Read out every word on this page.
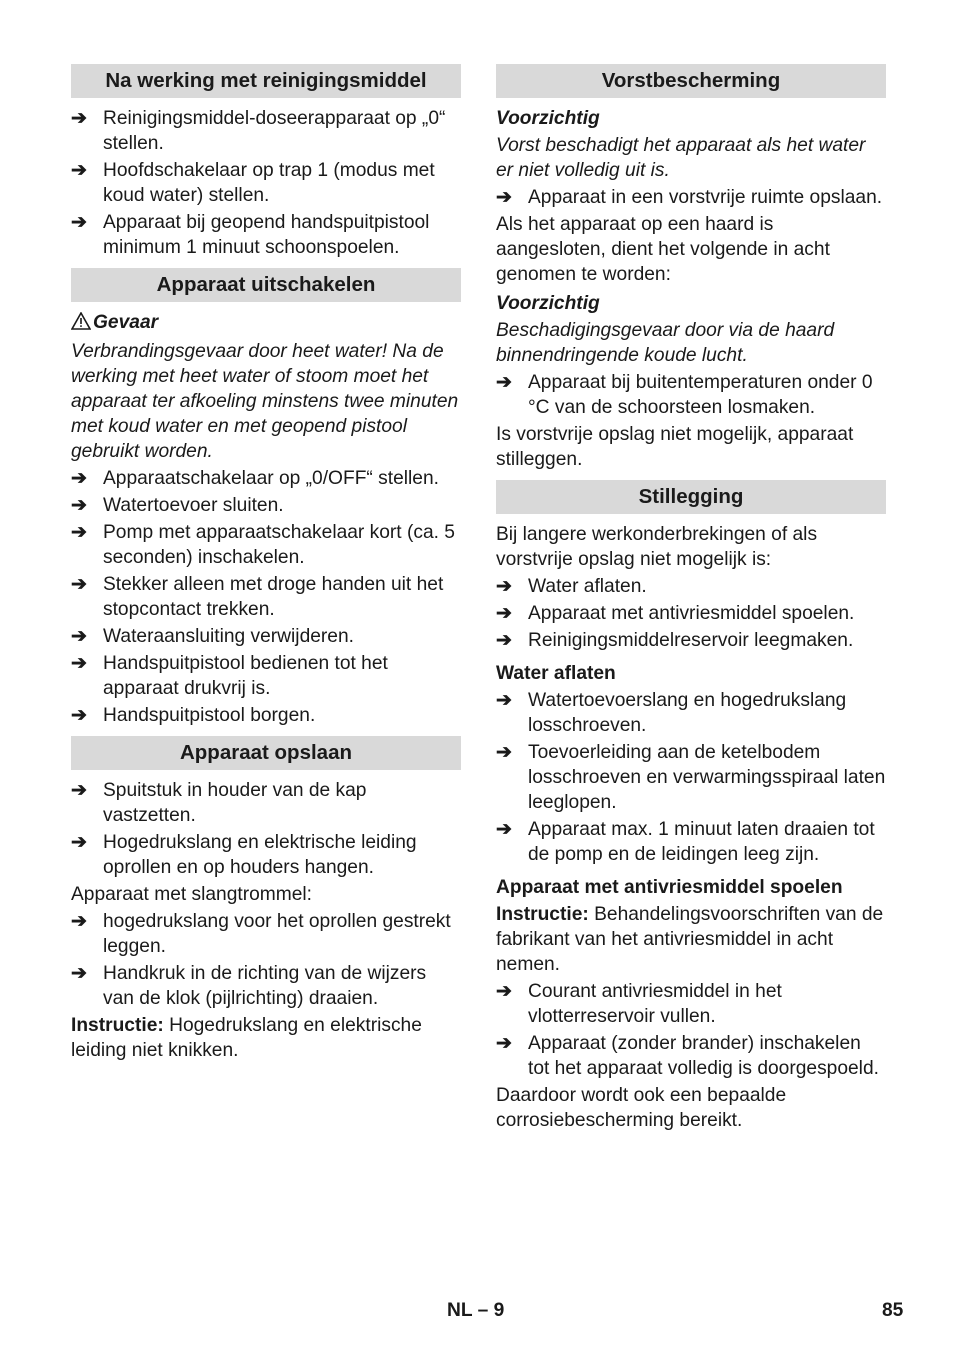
Na werking met reinigingsmiddel
➔ Reinigingsmiddel-doseerapparaat op „0“ stellen.
➔ Hoofdschakelaar op trap 1 (modus met koud water) stellen.
➔ Apparaat bij geopend handspuitpistool minimum 1 minuut schoonspoelen.
Apparaat uitschakelen

Gevaar

Verbrandingsgevaar door heet water! Na de werking met heet water of stoom moet het apparaat ter afkoeling minstens twee minuten met koud water en met geopend pistool gebruikt worden.

➔ Apparaatschakelaar op „0/OFF“ stellen.
➔ Watertoevoer sluiten.
➔ Pomp met apparaatschakelaar kort (ca. 5 seconden) inschakelen.
➔ Stekker alleen met droge handen uit het stopcontact trekken.
➔ Wateraansluiting verwijderen.
➔ Handspuitpistool bedienen tot het apparaat drukvrij is.
➔ Handspuitpistool borgen.
Apparaat opslaan
➔ Spuitstuk in houder van de kap vastzetten.
➔ Hogedrukslang en elektrische leiding oprollen en op houders hangen.

Apparaat met slangtrommel:

➔ hogedrukslang voor het oprollen gestrekt leggen.
➔ Handkruk in de richting van de wijzers van de klok (pijlrichting) draaien.

Instructie: Hogedrukslang en elektrische leiding niet knikken.

Vorstbescherming

Voorzichtig

Vorst beschadigt het apparaat als het water er niet volledig uit is.

➔ Apparaat in een vorstvrije ruimte opslaan.

Als het apparaat op een haard is aangesloten, dient het volgende in acht genomen te worden:

Voorzichtig

Beschadigingsgevaar door via de haard binnendringende koude lucht.

➔ Apparaat bij buitentemperaturen onder 0 °C van de schoorsteen losmaken.

Is vorstvrije opslag niet mogelijk, apparaat stilleggen.

Stillegging

Bij langere werkonderbrekingen of als vorstvrije opslag niet mogelijk is:

➔ Water aflaten.
➔ Apparaat met antivriesmiddel spoelen.
➔ Reinigingsmiddelreservoir leegmaken.

Water aflaten

➔ Watertoevoerslang en hogedrukslang losschroeven.
➔ Toevoerleiding aan de ketelbodem losschroeven en verwarmingsspiraal laten leeglopen.
➔ Apparaat max. 1 minuut laten draaien tot de pomp en de leidingen leeg zijn.

Apparaat met antivriesmiddel spoelen

Instructie: Behandelingsvoorschriften van de fabrikant van het antivriesmiddel in acht nemen.

➔ Courant antivriesmiddel in het vlotterreservoir vullen.
➔ Apparaat (zonder brander) inschakelen tot het apparaat volledig is doorgespoeld.

Daardoor wordt ook een bepaalde corrosiebescherming bereikt.

NL – 9	85
